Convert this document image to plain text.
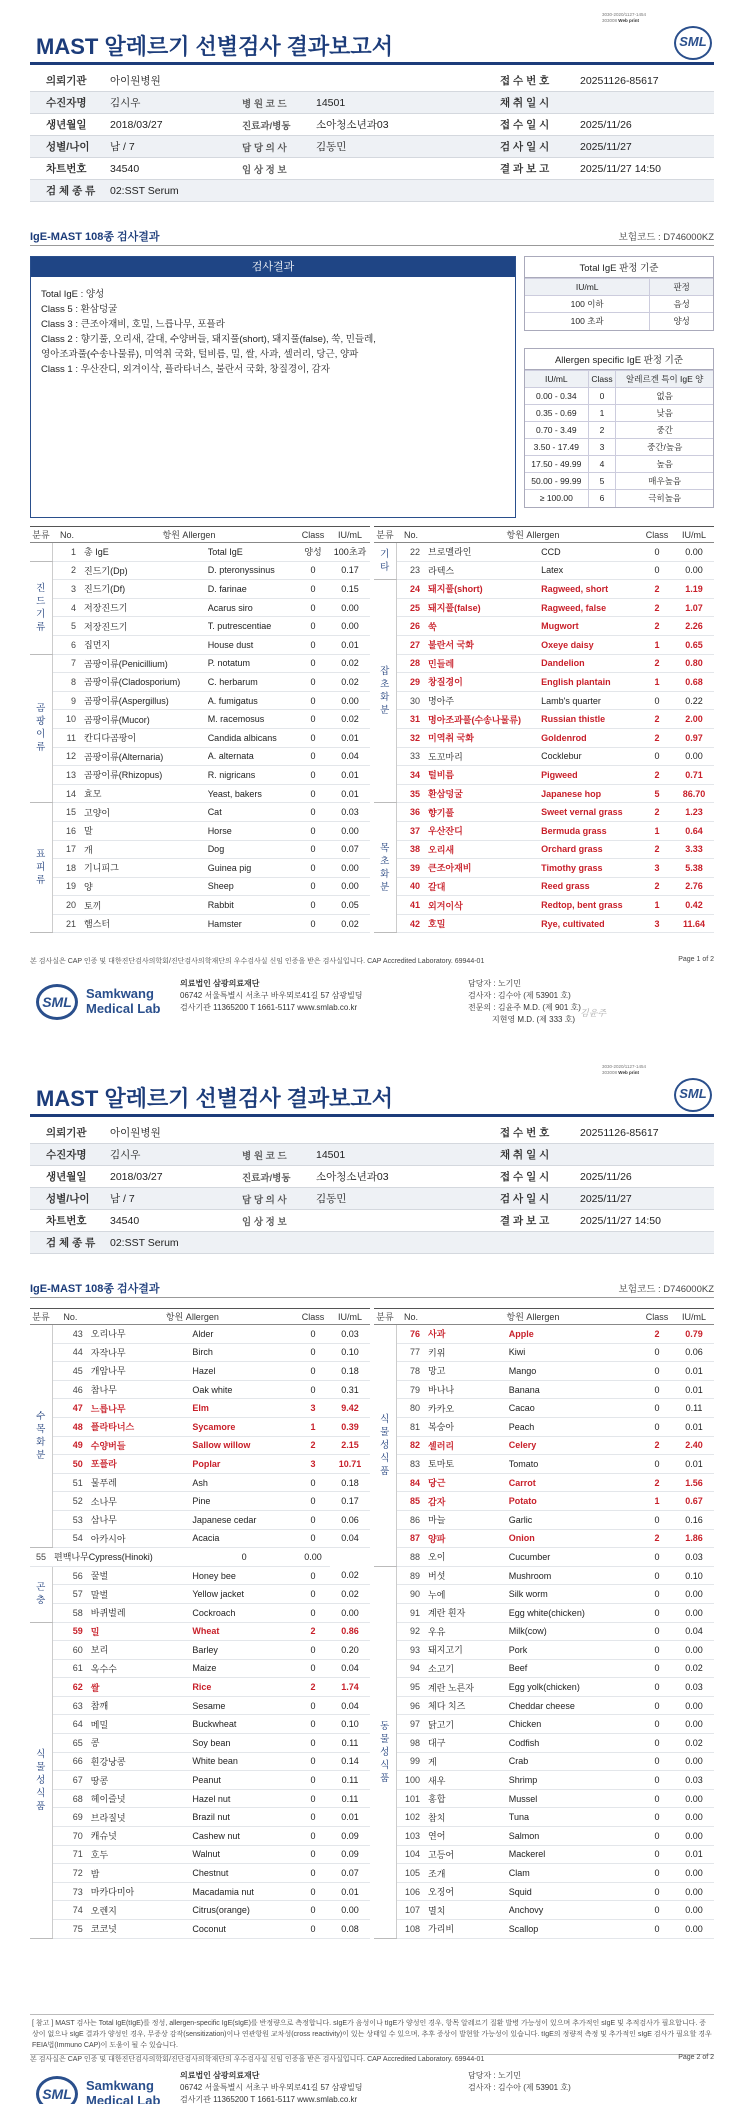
3030-2020/1127-1454
303008 Web print
MAST 알레르기 선별검사 결과보고서	SML
의뢰기관	아이원병원	접 수 번 호	20251126-85617
수진자명	김시우	병 원 코 드	14501	채 취 일 시
생년월일	2018/03/27	진료과/병동	소아청소년과03	접 수 일 시	2025/11/26
성별/나이	남 / 7	담 당 의 사	김동민	검 사 일 시	2025/11/27
차트번호	34540	임 상 정 보	결 과 보 고	2025/11/27 14:50
검 체 종 류	02:SST Serum
IgE-MAST 108종 검사결과	보험코드 : D746000KZ
검사결과
Total IgE : 양성
Class 5 : 환삼덩굴
Class 3 : 큰조아재비, 호밀, 느릅나무, 포플라
Class 2 : 향기풀, 오리새, 갈대, 수양버들, 돼지풀(short), 돼지풀(false), 쑥, 민들레,
영아조과풀(수송나물류), 미역취 국화, 털비름, 밀, 쌀, 사과, 셀러리, 당근, 양파
Class 1 : 우산잔디, 외겨이삭, 플라타너스, 불란서 국화, 창질경이, 감자
Total IgE 판정 기준
IU/mL	판정
100 이하	음성
100 초과	양성
Allergen specific IgE 판정 기준
IU/mL	Class	알레르겐 특이 IgE 양
0.00 - 0.34	0	없음
0.35 - 0.69	1	낮음
0.70 - 3.49	2	중간
3.50 - 17.49	3	중간/높음
17.50 - 49.99	4	높음
50.00 - 99.99	5	매우높음
≥ 100.00	6	극히높음
분류	No.	항원 Allergen		Class	IU/mL
	1	총 IgE	Total IgE	양성	100초과
진
드
기
류	2	진드기(Dp)	D. pteronyssinus	0	0.17
	3	진드기(Df)	D. farinae	0	0.15
	4	저장진드기	Acarus siro	0	0.00
	5	저장진드기	T. putrescentiae	0	0.00
	6	집먼지	House dust	0	0.01
곰
팡
이
류	7	곰팡이류(Penicillium)	P. notatum	0	0.02
	8	곰팡이류(Cladosporium)	C. herbarum	0	0.02
	9	곰팡이류(Aspergillus)	A. fumigatus	0	0.00
	10	곰팡이류(Mucor)	M. racemosus	0	0.02
	11	칸디다곰팡이	Candida albicans	0	0.01
	12	곰팡이류(Alternaria)	A. alternata	0	0.04
	13	곰팡이류(Rhizopus)	R. nigricans	0	0.01
	14	효모	Yeast, bakers	0	0.01
표
피
류	15	고양이	Cat	0	0.03
	16	말	Horse	0	0.00
	17	개	Dog	0	0.07
	18	기니피그	Guinea pig	0	0.00
	19	양	Sheep	0	0.00
	20	토끼	Rabbit	0	0.05
	21	햄스터	Hamster	0	0.02
분류	No.	항원 Allergen		Class	IU/mL
기
타	22	브로멜라인	CCD	0	0.00
	23	라텍스	Latex	0	0.00
잡
초
화
분	24	돼지풀(short)	Ragweed, short	2	1.19
	25	돼지풀(false)	Ragweed, false	2	1.07
	26	쑥	Mugwort	2	2.26
	27	불란서 국화	Oxeye daisy	1	0.65
	28	민들레	Dandelion	2	0.80
	29	창질경이	English plantain	1	0.68
	30	명아주	Lamb's quarter	0	0.22
	31	명아조과풀(수송나물류)	Russian thistle	2	2.00
	32	미역취 국화	Goldenrod	2	0.97
	33	도꼬마리	Cocklebur	0	0.00
	34	털비름	Pigweed	2	0.71
	35	환삼덩굴	Japanese hop	5	86.70
목
초
화
분	36	향기풀	Sweet vernal grass	2	1.23
	37	우산잔디	Bermuda grass	1	0.64
	38	오리새	Orchard grass	2	3.33
	39	큰조아재비	Timothy grass	3	5.38
	40	갈대	Reed grass	2	2.76
	41	외겨이삭	Redtop, bent grass	1	0.42
	42	호밀	Rye, cultivated	3	11.64
본 검사실은 CAP 인증 및 대한진단검사의학회/진단검사의학재단의 우수검사실 신임 인증을 받은 검사실입니다. CAP Accredited Laboratory. 69944-01	Page 1 of 2
SML
Samkwang
Medical Lab
의료법인 삼광의료재단
06742 서울특별시 서초구 바우뫼로41길 57 삼광빌딩
검사기관 11365200 T 1661-5117 www.smlab.co.kr
담당자 : 노기민
검사자 : 김수아 (제 53901 호)
전문의 : 김윤주 M.D. (제 901 호)
지현영 M.D. (제 333 호)
김윤주
3030-2020/1127-1454
303008 Web print
MAST 알레르기 선별검사 결과보고서	SML
의뢰기관	아이원병원	접 수 번 호	20251126-85617
수진자명	김시우	병 원 코 드	14501	채 취 일 시
생년월일	2018/03/27	진료과/병동	소아청소년과03	접 수 일 시	2025/11/26
성별/나이	남 / 7	담 당 의 사	김동민	검 사 일 시	2025/11/27
차트번호	34540	임 상 정 보	결 과 보 고	2025/11/27 14:50
검 체 종 류	02:SST Serum
IgE-MAST 108종 검사결과	보험코드 : D746000KZ
분류	No.	항원 Allergen		Class	IU/mL
수
목
화
분	43	오리나무	Alder	0	0.03
	44	자작나무	Birch	0	0.10
	45	개암나무	Hazel	0	0.18
	46	참나무	Oak white	0	0.31
	47	느릅나무	Elm	3	9.42
	48	플라타너스	Sycamore	1	0.39
	49	수양버들	Sallow willow	2	2.15
	50	포플라	Poplar	3	10.71
	51	물푸레	Ash	0	0.18
	52	소나무	Pine	0	0.17
	53	삼나무	Japanese cedar	0	0.06
	54	아카시아	Acacia	0	0.04
55	편백나무	Cypress(Hinoki)	0	0.00	
곤
충	56	꿀벌	Honey bee	0	0.02
	57	말벌	Yellow jacket	0	0.02
	58	바퀴벌레	Cockroach	0	0.00
식
물
성
식
품	59	밀	Wheat	2	0.86
	60	보리	Barley	0	0.20
	61	옥수수	Maize	0	0.04
	62	쌀	Rice	2	1.74
	63	참깨	Sesame	0	0.04
	64	메밀	Buckwheat	0	0.10
	65	콩	Soy bean	0	0.11
	66	흰강낭콩	White bean	0	0.14
	67	땅콩	Peanut	0	0.11
	68	헤이즐넛	Hazel nut	0	0.11
	69	브라질넛	Brazil nut	0	0.01
	70	캐슈넛	Cashew nut	0	0.09
	71	호두	Walnut	0	0.09
	72	밤	Chestnut	0	0.07
	73	마카다미아	Macadamia nut	0	0.01
	74	오렌지	Citrus(orange)	0	0.00
	75	코코넛	Coconut	0	0.08
분류	No.	항원 Allergen		Class	IU/mL
식
물
성
식
품	76	사과	Apple	2	0.79
	77	키위	Kiwi	0	0.06
	78	망고	Mango	0	0.01
	79	바나나	Banana	0	0.01
	80	카카오	Cacao	0	0.11
	81	복숭아	Peach	0	0.01
	82	셀러리	Celery	2	2.40
	83	토마토	Tomato	0	0.01
	84	당근	Carrot	2	1.56
	85	감자	Potato	1	0.67
	86	마늘	Garlic	0	0.16
	87	양파	Onion	2	1.86
	88	오이	Cucumber	0	0.03
동
물
성
식
품	89	버섯	Mushroom	0	0.10
	90	누에	Silk worm	0	0.00
	91	계란 흰자	Egg white(chicken)	0	0.00
	92	우유	Milk(cow)	0	0.04
	93	돼지고기	Pork	0	0.00
	94	소고기	Beef	0	0.02
	95	계란 노른자	Egg yolk(chicken)	0	0.03
	96	체다 치즈	Cheddar cheese	0	0.00
	97	닭고기	Chicken	0	0.00
	98	대구	Codfish	0	0.02
	99	게	Crab	0	0.00
	100	새우	Shrimp	0	0.03
	101	홍합	Mussel	0	0.00
	102	참치	Tuna	0	0.00
	103	연어	Salmon	0	0.00
	104	고등어	Mackerel	0	0.01
	105	조개	Clam	0	0.00
	106	오징어	Squid	0	0.00
	107	멸치	Anchovy	0	0.00
	108	가리비	Scallop	0	0.00
[ 참고 ] MAST 검사는 Total IgE(tIgE)를 정성, allergen-specific IgE(sIgE)를 반정량으로 측정합니다. sIgE가 음성이나 tIgE가 양성인 경우, 항목 알레르기 질환 발병 가능성이 있으며 추가적인 sIgE 및 추적검사가 필요합니다. 증상이 없으나 sIgE 결과가 양성인 경우, 무증상 감작(sensitization)이나 연관항원 교차성(cross reactivity)이 있는 상태일 수 있으며, 추후 증상이 발현할 가능성이 있습니다. tIgE의 정량적 측정 및 추가적인 sIgE 검사가 필요할 경우 FEIA법(Immuno CAP)이 도움이 될 수 있습니다.
본 검사실은 CAP 인증 및 대한진단검사의학회/진단검사의학재단의 우수검사실 신임 인증을 받은 검사실입니다. CAP Accredited Laboratory. 69944-01	Page 2 of 2
SML
Samkwang
Medical Lab
의료법인 삼광의료재단
06742 서울특별시 서초구 바우뫼로41길 57 삼광빌딩
검사기관 11365200 T 1661-5117 www.smlab.co.kr
담당자 : 노기민
검사자 : 김수아 (제 53901 호)
